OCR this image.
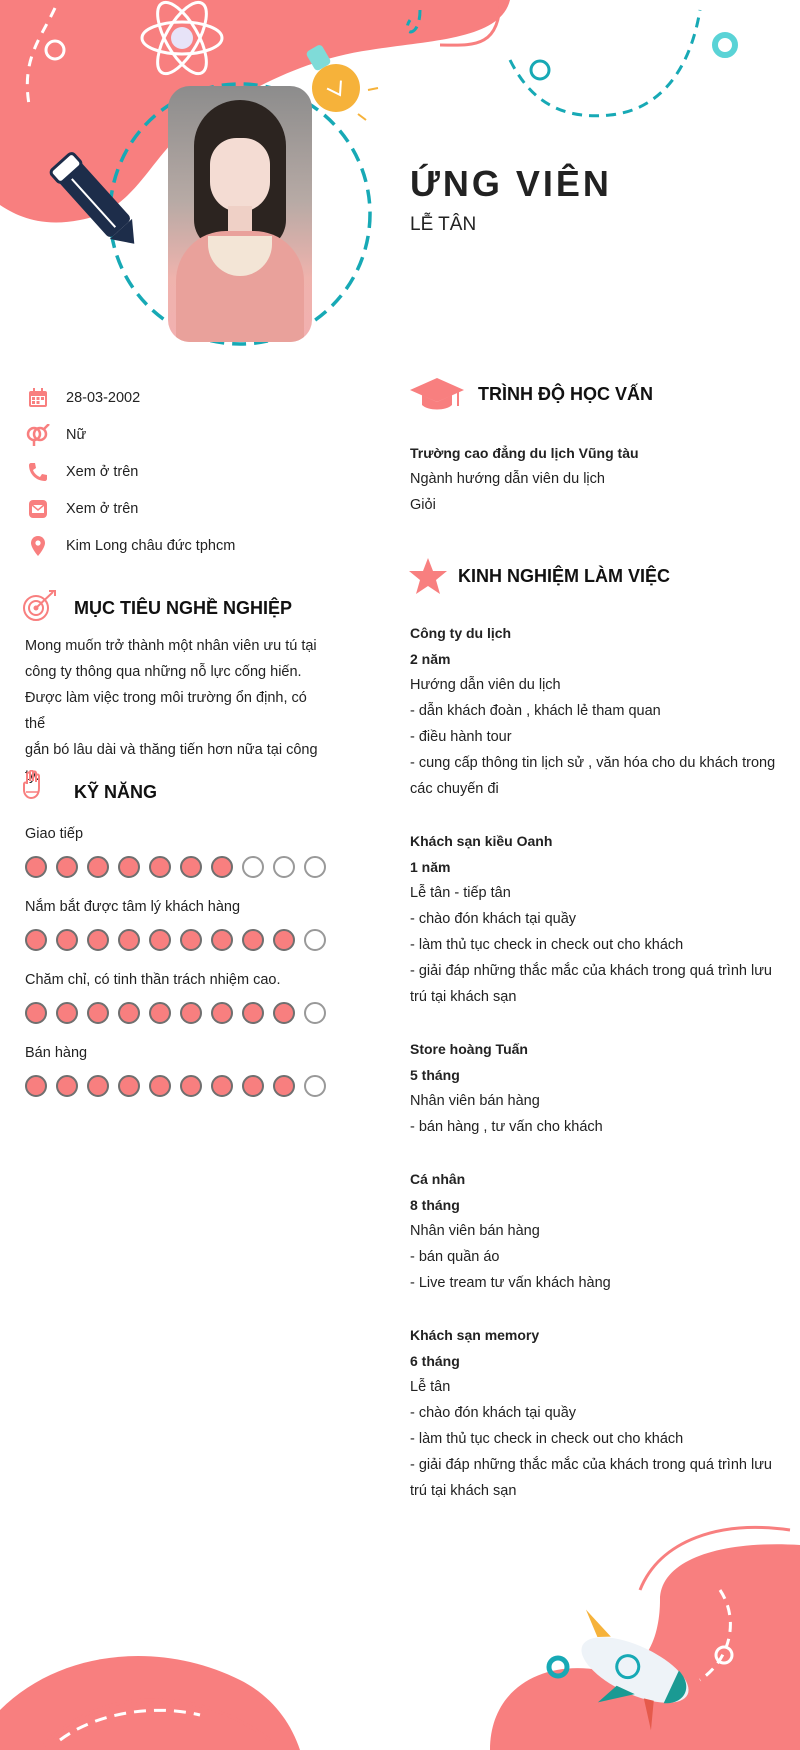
ỨNG VIÊN

LỄ TÂN

28-03-2002
Nữ
Xem ở trên
Xem ở trên
Kim Long châu đức tphcm
MỤC TIÊU NGHỀ NGHIỆP
Mong muốn trở thành một nhân viên ưu tú tại
công ty thông qua những nỗ lực cống hiến.
Được làm việc trong môi trường ổn định, có thể
gắn bó lâu dài và thăng tiến hơn nữa tại công
ty.
KỸ NĂNG
Giao tiếp
Nắm bắt được tâm lý khách hàng
Chăm chỉ, có tinh thần trách nhiệm cao.
Bán hàng
TRÌNH ĐỘ HỌC VẤN

Trường cao đẳng du lịch Vũng tàu

Ngành hướng dẫn viên du lịch

Giỏi

KINH NGHIỆM LÀM VIỆC

Công ty du lịch

2 năm

Hướng dẫn viên du lịch

- dẫn khách đoàn , khách lẻ tham quan

- điều hành tour

- cung cấp thông tin lịch sử , văn hóa cho du khách trong

các chuyến đi

Khách sạn kiều Oanh

1 năm

Lễ tân - tiếp tân

- chào đón khách tại quầy

- làm thủ tục check in check out cho khách

- giải đáp những thắc mắc của khách trong quá trình lưu

trú tại khách sạn

Store hoàng Tuấn

5 tháng

Nhân viên bán hàng

- bán hàng , tư vấn cho khách

Cá nhân

8 tháng

Nhân viên bán hàng

- bán quần áo

- Live tream tư vấn khách hàng

Khách sạn memory

6 tháng

Lễ tân

- chào đón khách tại quầy

- làm thủ tục check in check out cho khách

- giải đáp những thắc mắc của khách trong quá trình lưu

trú tại khách sạn
